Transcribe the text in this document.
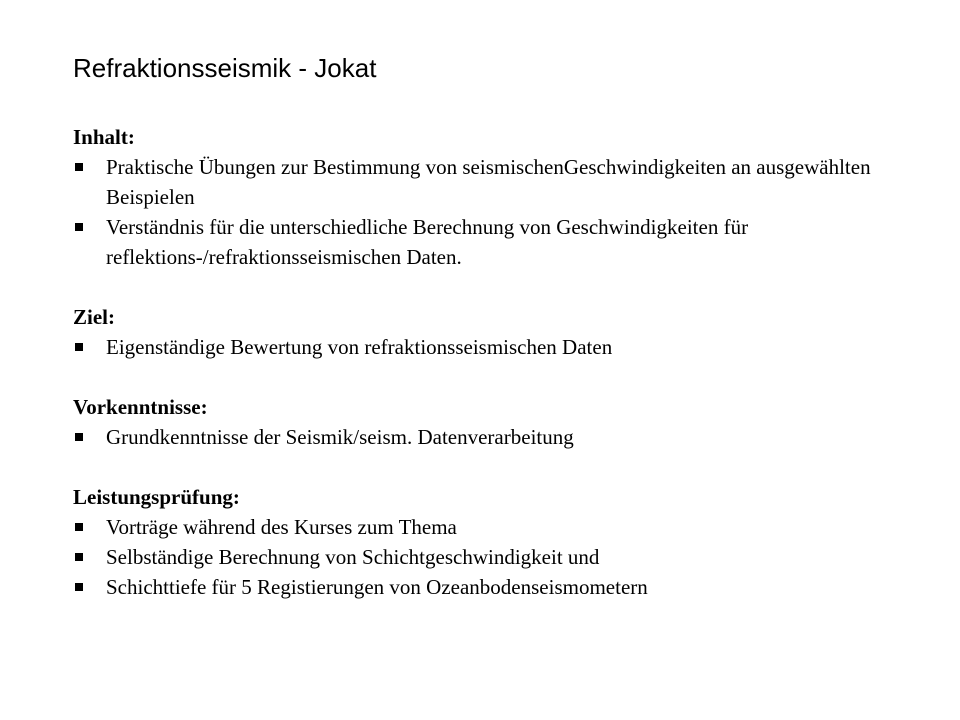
Refraktionsseismik - Jokat
Inhalt:
Praktische Übungen zur Bestimmung von seismischenGeschwindigkeiten an ausgewählten Beispielen
Verständnis für die unterschiedliche Berechnung von Geschwindigkeiten für reflektions-/refraktionsseismischen Daten.
Ziel:
Eigenständige Bewertung von refraktionsseismischen Daten
Vorkenntnisse:
Grundkenntnisse der Seismik/seism. Datenverarbeitung
Leistungsprüfung:
Vorträge während des Kurses zum Thema
Selbständige Berechnung von Schichtgeschwindigkeit und
Schichttiefe für 5 Registierungen von Ozeanbodenseismometern
